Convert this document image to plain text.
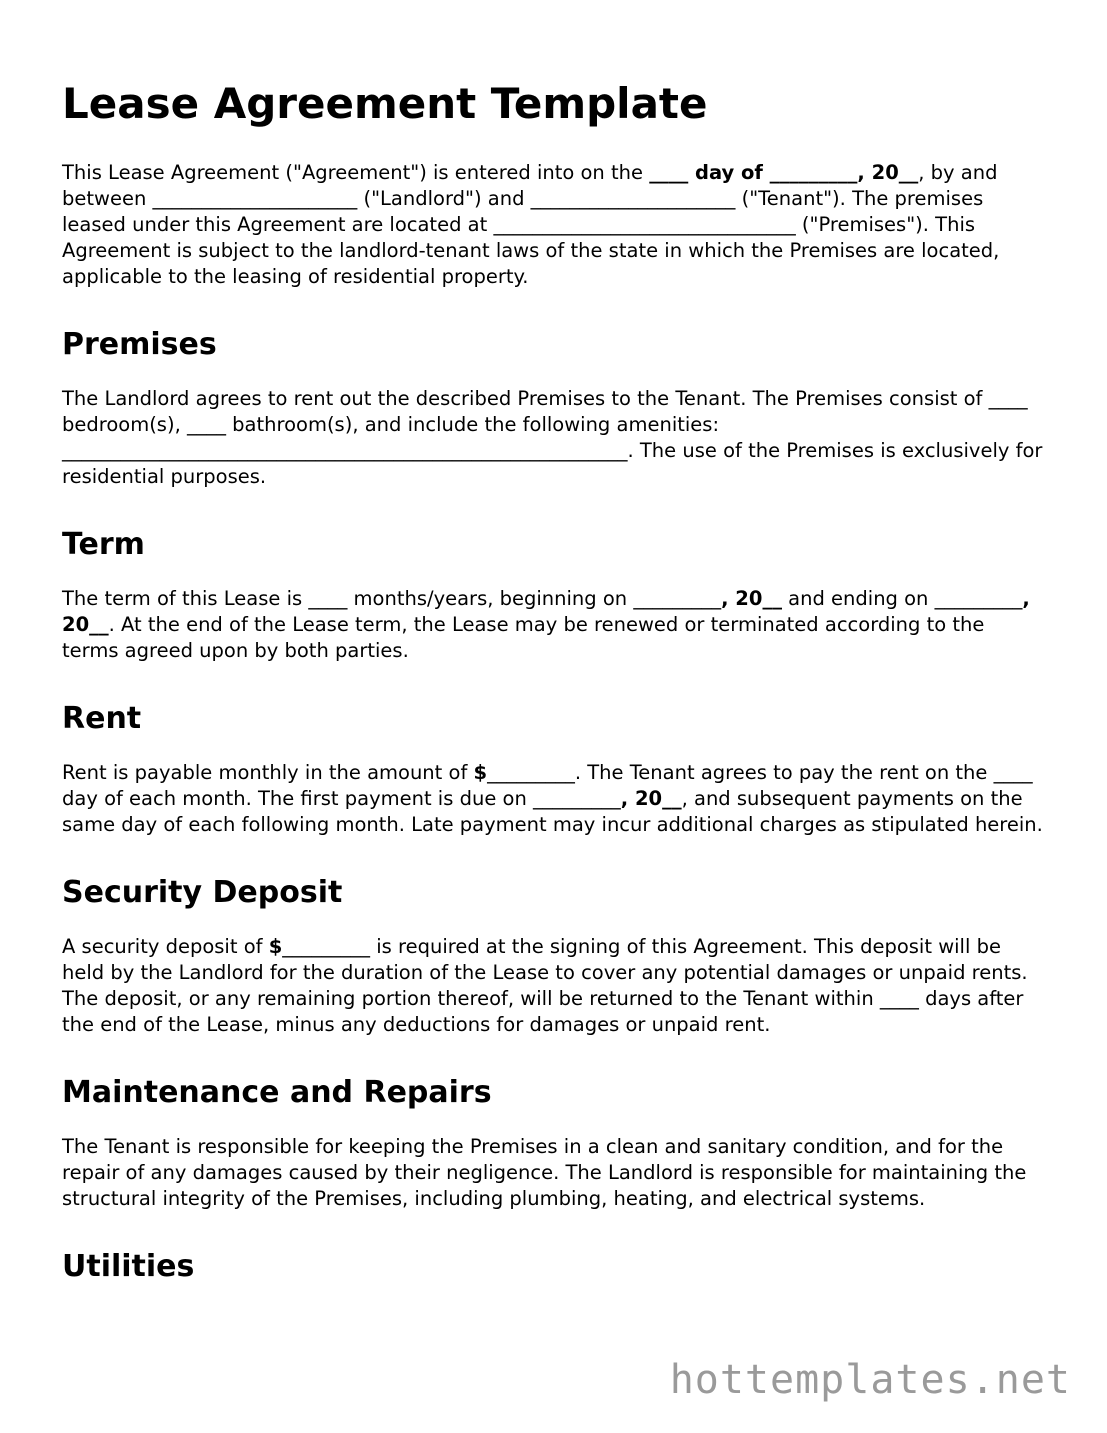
Lease Agreement Template

This Lease Agreement ("Agreement") is entered into on the ____ day of _________, 20__, by and between _____________________ ("Landlord") and _____________________ ("Tenant"). The premises leased under this Agreement are located at _______________________________ ("Premises"). This Agreement is subject to the landlord-tenant laws of the state in which the Premises are located, applicable to the leasing of residential property.

Premises

The Landlord agrees to rent out the described Premises to the Tenant. The Premises consist of ____ bedroom(s), ____ bathroom(s), and include the following amenities: __________________________________________________________. The use of the Premises is exclusively for residential purposes.

Term

The term of this Lease is ____ months/years, beginning on _________, 20__ and ending on _________, 20__. At the end of the Lease term, the Lease may be renewed or terminated according to the terms agreed upon by both parties.

Rent

Rent is payable monthly in the amount of $_________. The Tenant agrees to pay the rent on the ____ day of each month. The first payment is due on _________, 20__, and subsequent payments on the same day of each following month. Late payment may incur additional charges as stipulated herein.

Security Deposit

A security deposit of $_________ is required at the signing of this Agreement. This deposit will be held by the Landlord for the duration of the Lease to cover any potential damages or unpaid rents. The deposit, or any remaining portion thereof, will be returned to the Tenant within ____ days after the end of the Lease, minus any deductions for damages or unpaid rent.

Maintenance and Repairs

The Tenant is responsible for keeping the Premises in a clean and sanitary condition, and for the repair of any damages caused by their negligence. The Landlord is responsible for maintaining the structural integrity of the Premises, including plumbing, heating, and electrical systems.

Utilities
hottemplates.net
